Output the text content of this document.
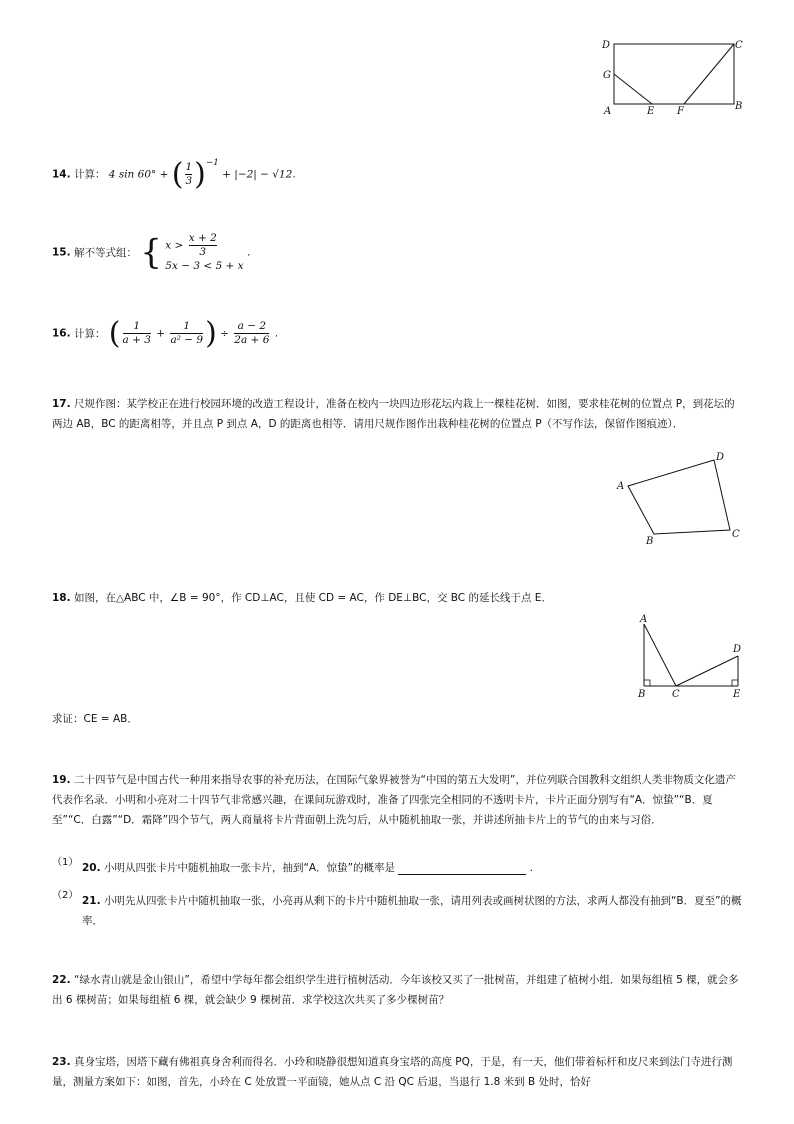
D	C
G
A	E F	B
14. 计算： 4 sin 60° + ( $\frac{1}{3} )^{-1} + |-2| - √12$.
15. 解不等式组： { $x > \frac{x + 2}{3}$
5x − 3 < 5 + x
.
16. 计算： ( $\frac{1}{a + 3} + \frac{1}{\text{a² − 9}}$ ) ÷ $\frac{a - 2}{2a + 6}$ .
17. 尺规作图：某学校正在进行校园环境的改造工程设计，准备在校内一块四边形花坛内栽上一棵桂花树．如图，要求桂花树的位置点 P，到花坛的两边 AB，BC 的距离相等，并且点 P 到点 A，D 的距离也相等．请用尺规作图作出栽种桂花树的位置点 P（不写作法，保留作图痕迹）．
A
D
B
C
18. 如图，在△ABC 中，∠B = 90°，作 CD⊥AC，且使 CD = AC，作 DE⊥BC，交 BC 的延长线于点 E．
A
D
B	C	E
求证：CE = AB．
19. 二十四节气是中国古代一种用来指导农事的补充历法，在国际气象界被誉为“中国的第五大发明”，并位列联合国教科文组织人类非物质文化遗产代表作名录．小明和小亮对二十四节气非常感兴趣，在课间玩游戏时，准备了四张完全相同的不透明卡片，卡片正面分别写有“A．惊蛰”“B．夏至”“C．白露”“D．霜降”四个节气，两人商量将卡片背面朝上洗匀后，从中随机抽取一张，并讲述所抽卡片上的节气的由来与习俗．
（1） 20. 小明从四张卡片中随机抽取一张卡片，抽到“A．惊蛰”的概率是	.
（2） 21. 小明先从四张卡片中随机抽取一张，小亮再从剩下的卡片中随机抽取一张，请用列表或画树状图的方法，求两人都没有抽到“B．夏至”的概率．
22. “绿水青山就是金山银山”，希望中学每年都会组织学生进行植树活动．今年该校又买了一批树苗，并组建了植树小组．如果每组植 5 棵，就会多出 6 棵树苗；如果每组植 6 棵，就会缺少 9 棵树苗．求学校这次共买了多少棵树苗？
23. 真身宝塔，因塔下藏有佛祖真身舍利而得名．小玲和晓静很想知道真身宝塔的高度 PQ，于是，有一天，他们带着标杆和皮尺来到法门寺进行测量，测量方案如下：如图，首先，小玲在 C 处放置一平面镜，她从点 C 沿 QC 后退，当退行 1.8 米到 B 处时，恰好
